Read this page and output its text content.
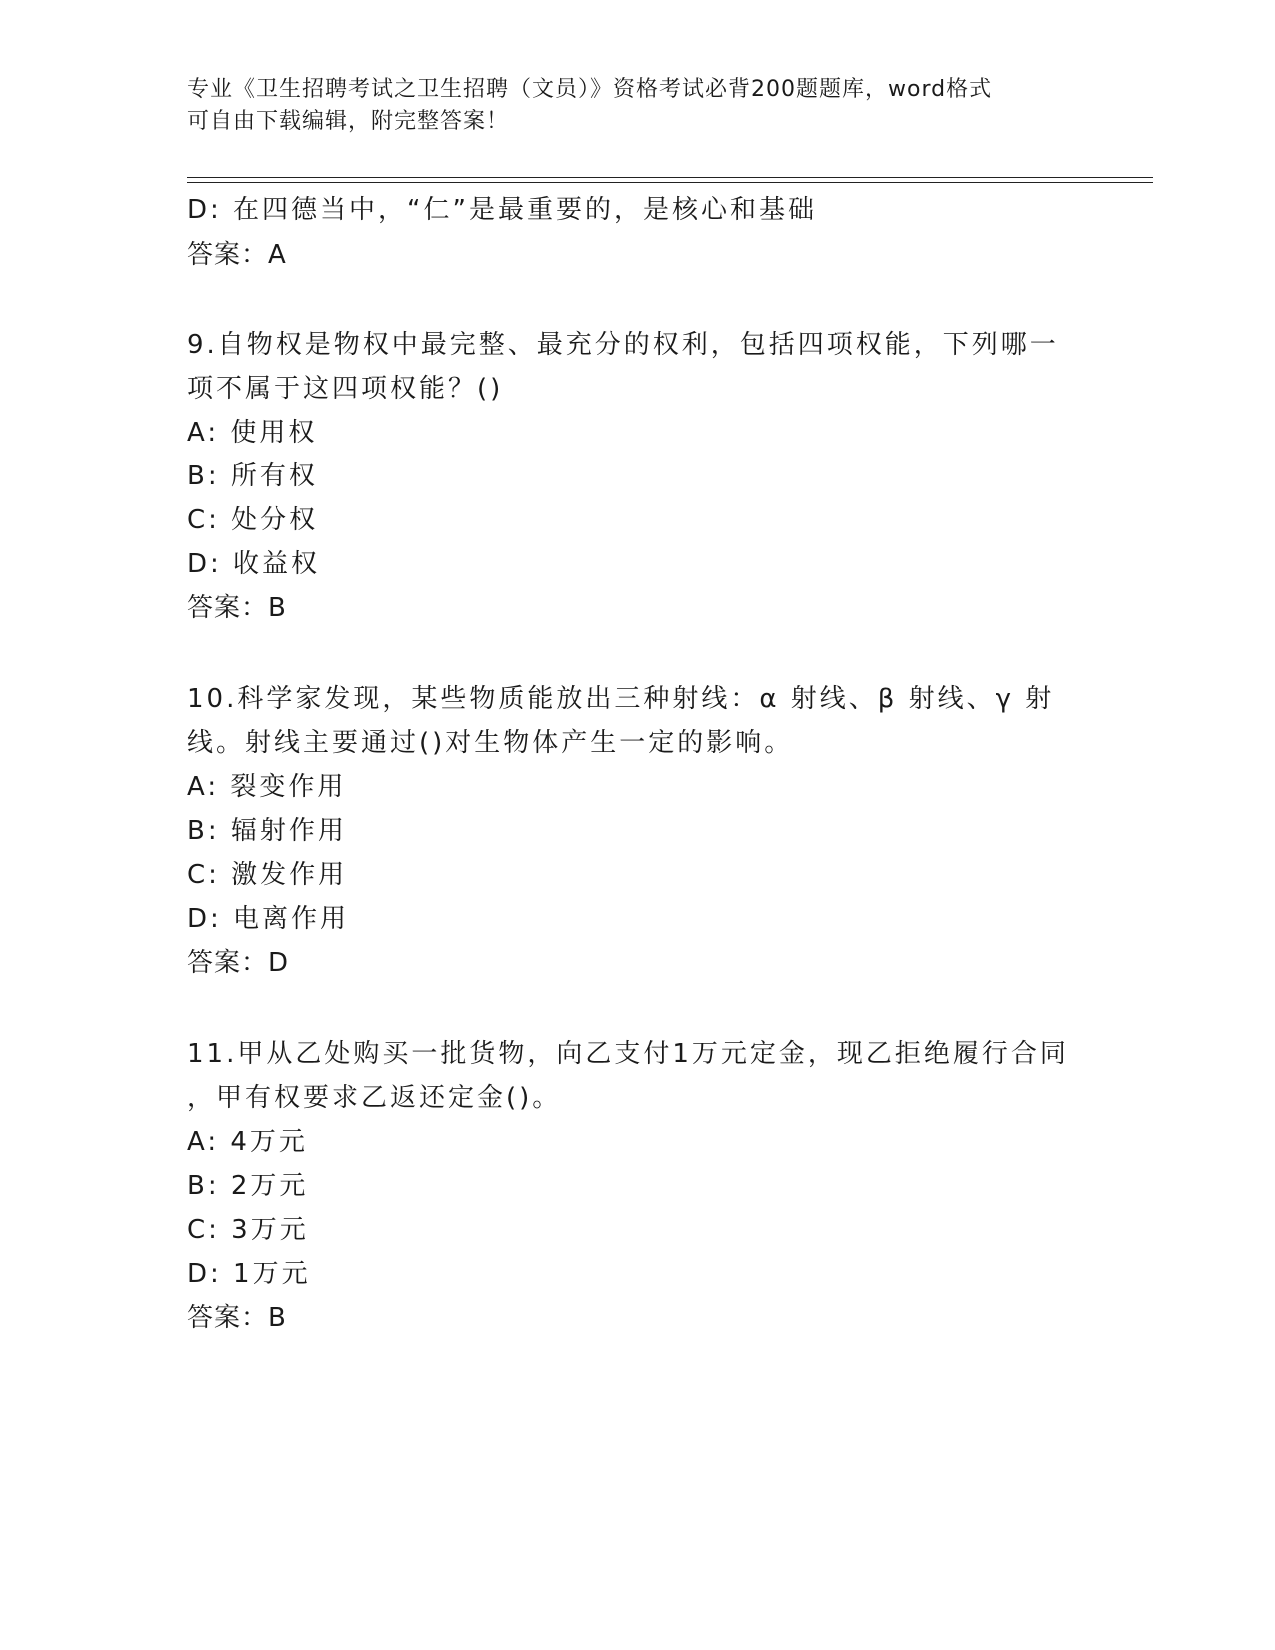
专业《卫生招聘考试之卫生招聘（文员）》资格考试必背200题题库，word格式
可自由下载编辑，附完整答案！
D: 在四德当中，“仁”是最重要的，是核心和基础
答案：A
9.自物权是物权中最完整、最充分的权利，包括四项权能，下列哪一
项不属于这四项权能？()
A: 使用权
B: 所有权
C: 处分权
D: 收益权
答案：B
10.科学家发现，某些物质能放出三种射线：α 射线、β 射线、γ 射
线。射线主要通过()对生物体产生一定的影响。
A: 裂变作用
B: 辐射作用
C: 激发作用
D: 电离作用
答案：D
11.甲从乙处购买一批货物，向乙支付1万元定金，现乙拒绝履行合同
，甲有权要求乙返还定金()。
A: 4万元
B: 2万元
C: 3万元
D: 1万元
答案：B
